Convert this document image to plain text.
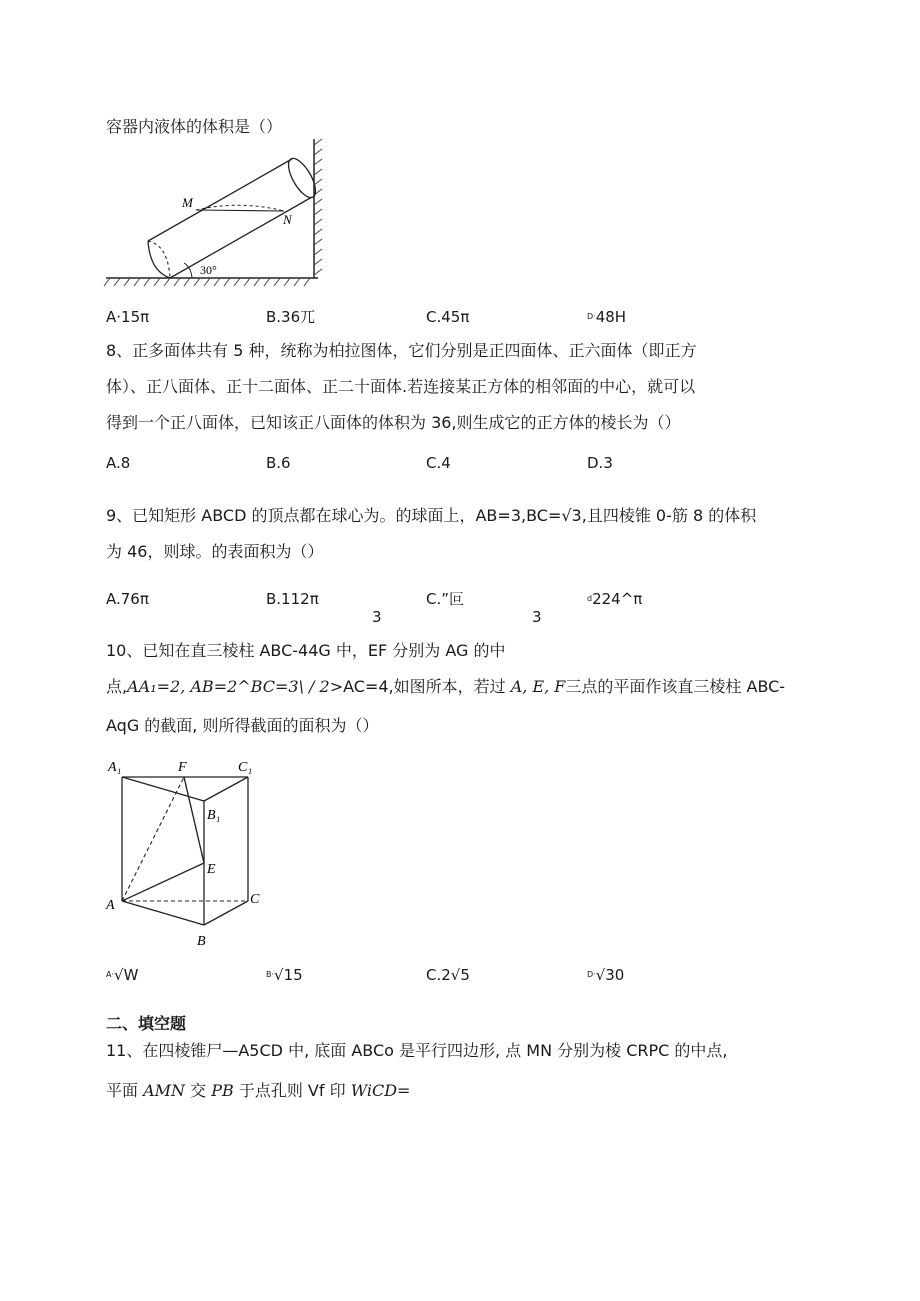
容器内液体的体积是（）
M
N
30°
A·15π	B.36兀	C.45π	$^{D\cdot}$48H
8、正多面体共有 5 种，统称为柏拉图体，它们分别是正四面体、正六面体（即正方
体）、正八面体、正十二面体、正二十面体.若连接某正方体的相邻面的中心，就可以
得到一个正八面体，已知该正八面体的体积为 36,则生成它的正方体的棱长为（）
A.8	B.6	C.4	D.3
9、已知矩形 ABCD 的顶点都在球心为。的球面上，AB=3,BC=√3,且四棱锥 0-筋 8 的体积
为 46，则球。的表面积为（）
A.76π	B.112π	C.”叵	$^d$224^π
3	3
10、已知在直三棱柱 ABC-44G 中，EF 分别为 AG 的中
点,AA₁=2, AB=2^BC=3\ / 2>AC=4,如图所本，若过 A, E, F三点的平面作该直三棱柱 ABC-
AqG 的截面, 则所得截面的面积为（）
A₁	F	C₁
B₁
E
A	C
B
$^{A\cdot}$√W	$^{B\cdot}$√15	C.2√5	$^{D\cdot}$√30
二、填空题
11、在四棱锥尸—A5CD 中, 底面 ABCo 是平行四边形, 点 MN 分别为棱 CRPC 的中点,
平面 AMN 交 PB 于点孔则 Vf 印 WiCD=
